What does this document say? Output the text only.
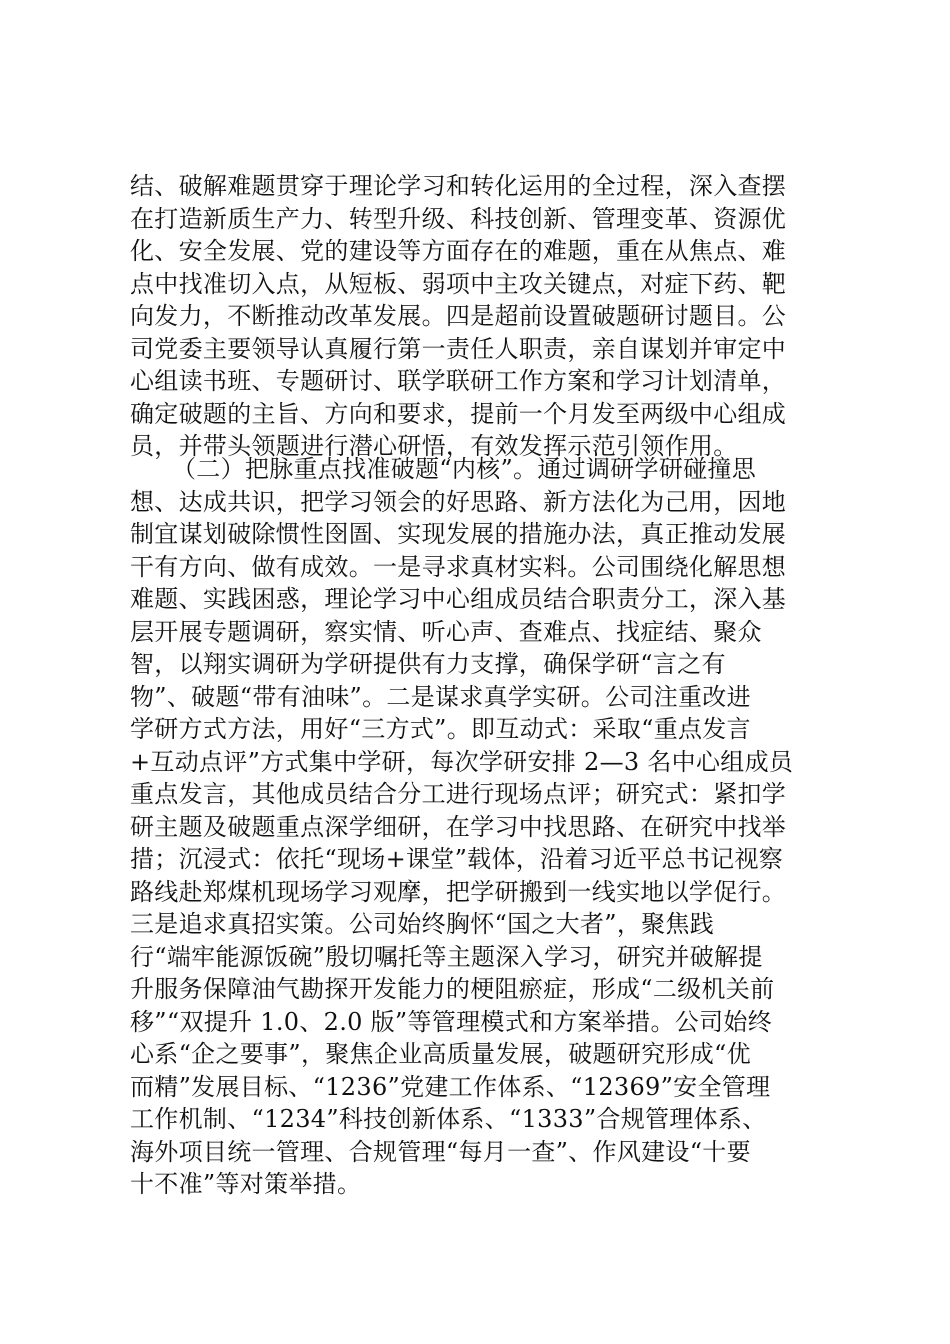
结、破解难题贯穿于理论学习和转化运用的全过程，深入查摆
在打造新质生产力、转型升级、科技创新、管理变革、资源优
化、安全发展、党的建设等方面存在的难题，重在从焦点、难
点中找准切入点，从短板、弱项中主攻关键点，对症下药、靶
向发力，不断推动改革发展。四是超前设置破题研讨题目。公
司党委主要领导认真履行第一责任人职责，亲自谋划并审定中
心组读书班、专题研讨、联学联研工作方案和学习计划清单，
确定破题的主旨、方向和要求，提前一个月发至两级中心组成
员，并带头领题进行潜心研悟，有效发挥示范引领作用。

（二）把脉重点找准破题“内核”。通过调研学研碰撞思
想、达成共识，把学习领会的好思路、新方法化为己用，因地
制宜谋划破除惯性囹圄、实现发展的措施办法，真正推动发展
干有方向、做有成效。一是寻求真材实料。公司围绕化解思想
难题、实践困惑，理论学习中心组成员结合职责分工，深入基
层开展专题调研，察实情、听心声、查难点、找症结、聚众
智，以翔实调研为学研提供有力支撑，确保学研“言之有
物”、破题“带有油味”。二是谋求真学实研。公司注重改进
学研方式方法，用好“三方式”。即互动式：采取“重点发言
+互动点评”方式集中学研，每次学研安排 2—3 名中心组成员
重点发言，其他成员结合分工进行现场点评；研究式：紧扣学
研主题及破题重点深学细研，在学习中找思路、在研究中找举
措；沉浸式：依托“现场+课堂”载体，沿着习近平总书记视察
路线赴郑煤机现场学习观摩，把学研搬到一线实地以学促行。
三是追求真招实策。公司始终胸怀“国之大者”，聚焦践
行“端牢能源饭碗”殷切嘱托等主题深入学习，研究并破解提
升服务保障油气勘探开发能力的梗阻瘀症，形成“二级机关前
移”“双提升 1.0、2.0 版”等管理模式和方案举措。公司始终
心系“企之要事”，聚焦企业高质量发展，破题研究形成“优
而精”发展目标、“1236”党建工作体系、“12369”安全管理
工作机制、“1234”科技创新体系、“1333”合规管理体系、
海外项目统一管理、合规管理“每月一查”、作风建设“十要
十不准”等对策举措。
